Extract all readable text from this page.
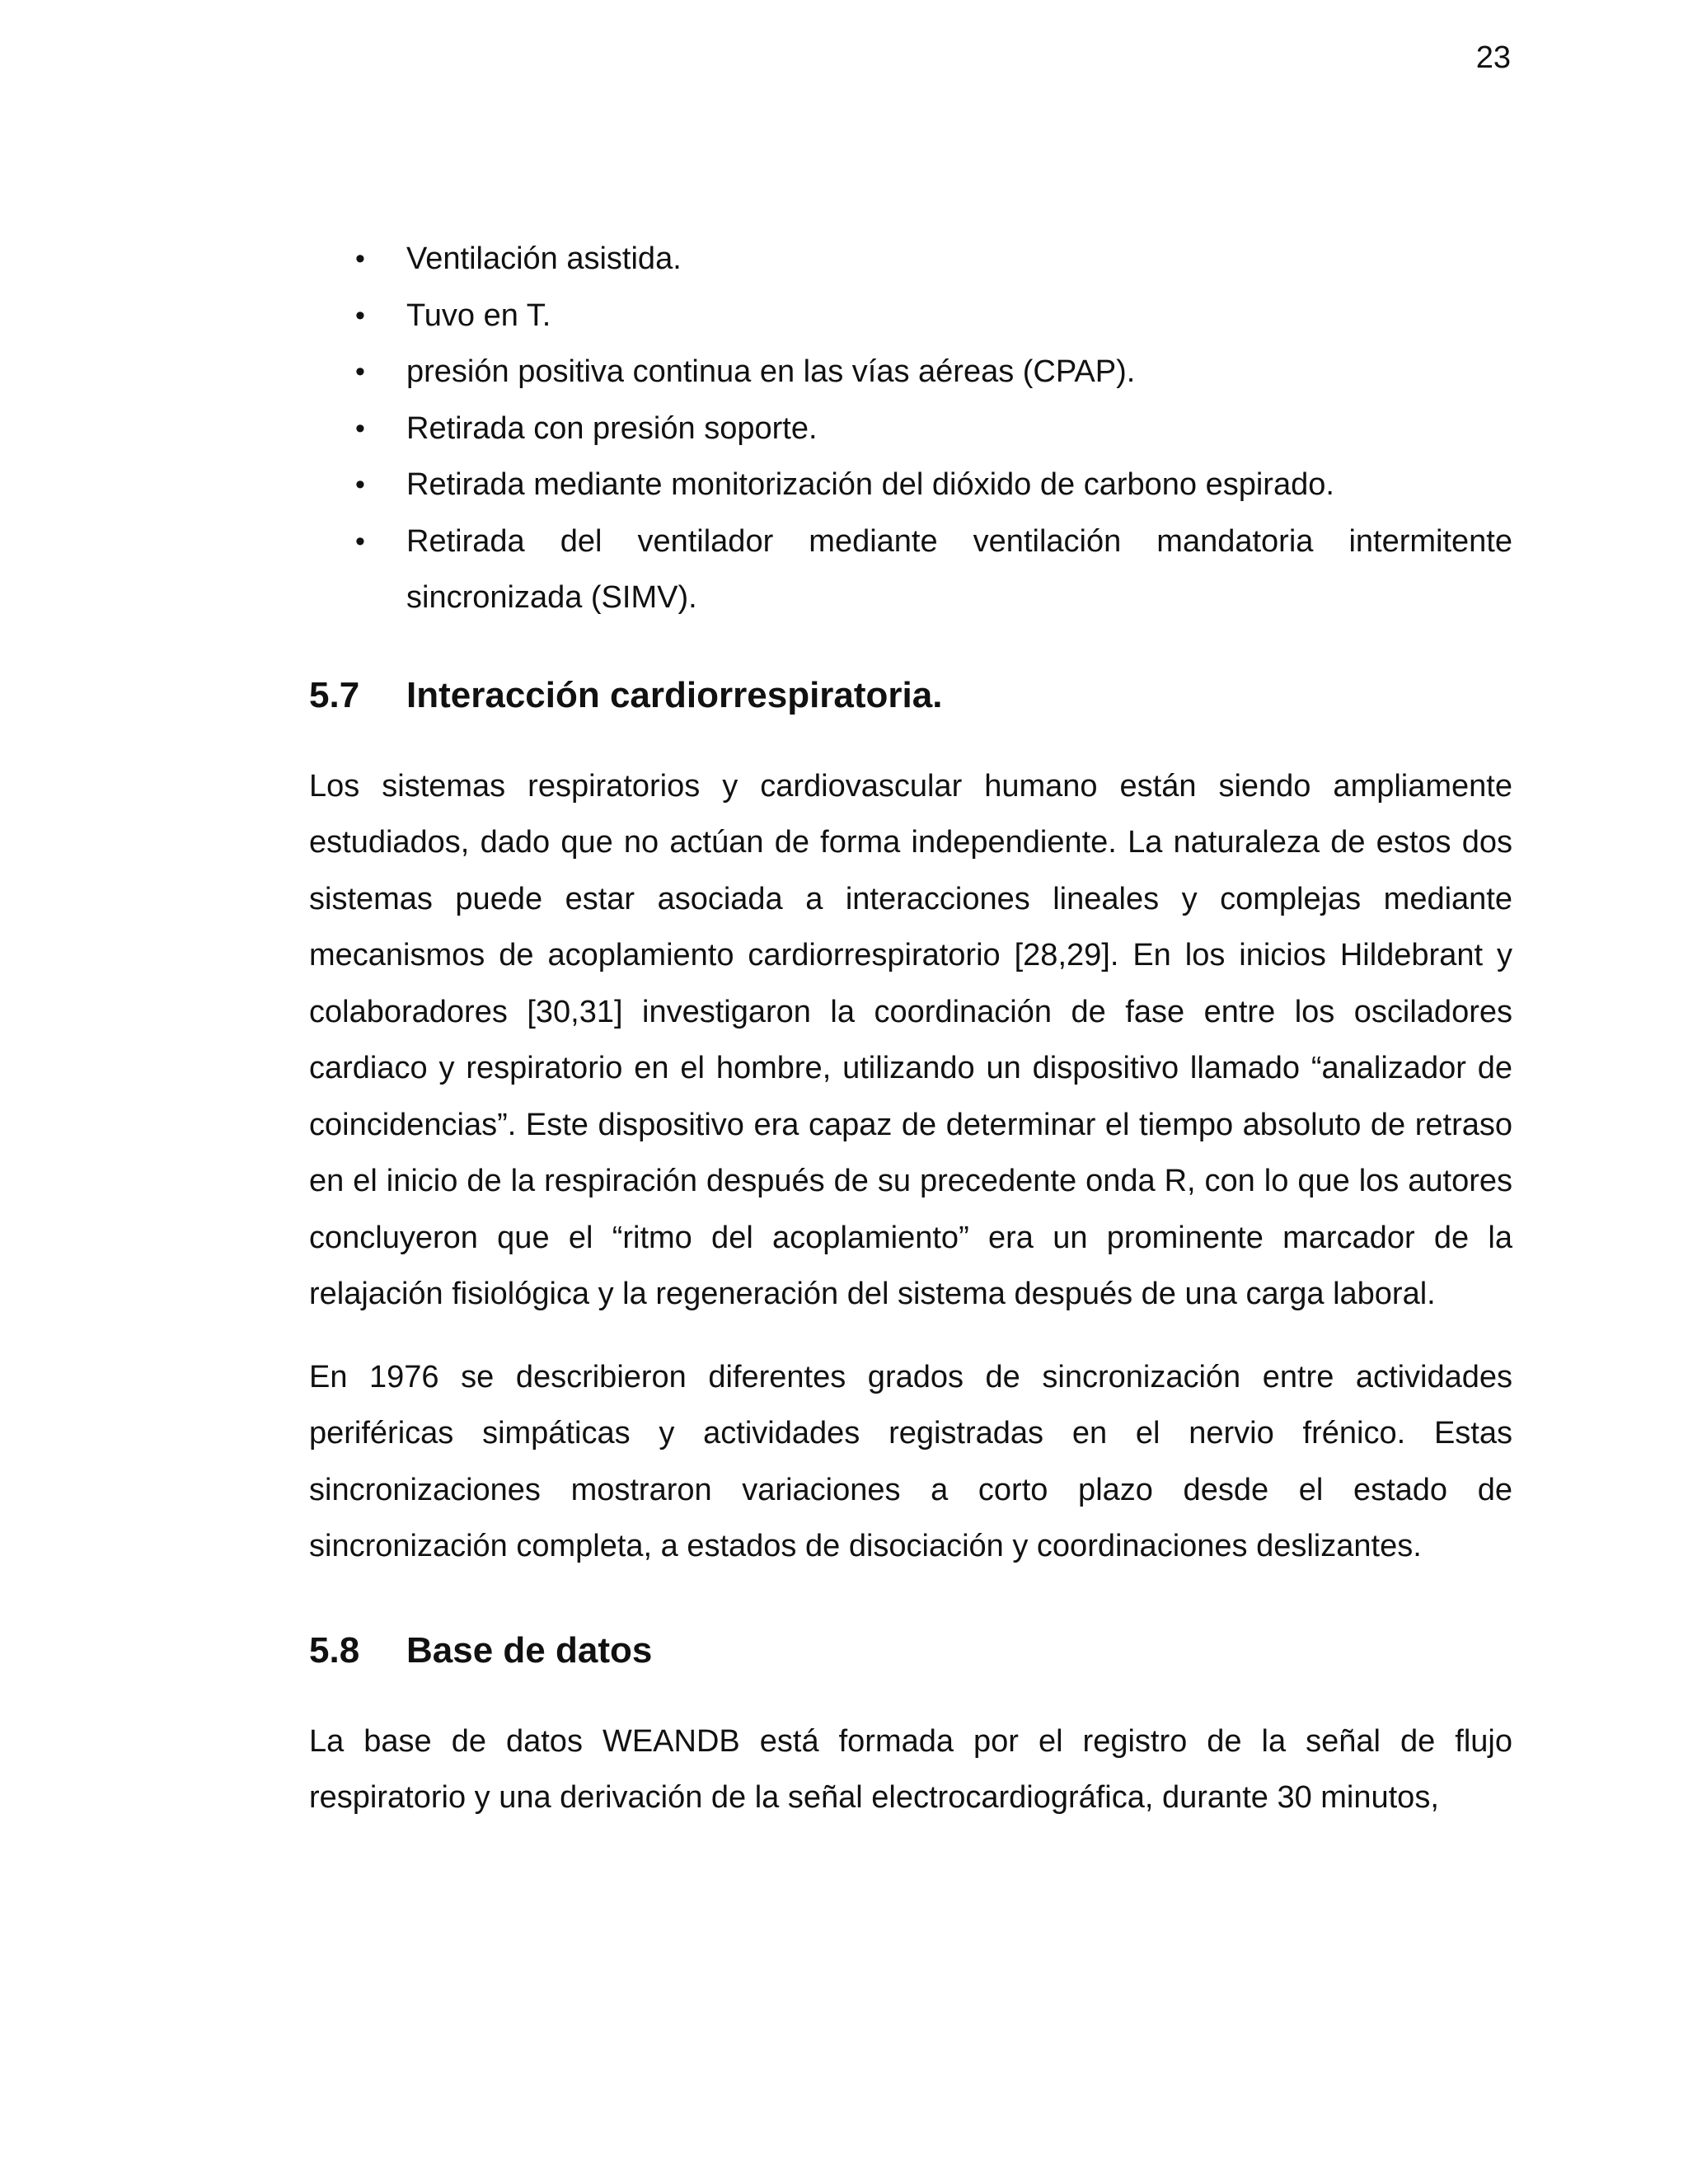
23
• Ventilación asistida.
• Tuvo en T.
• presión positiva continua en las vías aéreas (CPAP).
• Retirada con presión soporte.
• Retirada mediante monitorización del dióxido de carbono espirado.
• Retirada del ventilador mediante ventilación mandatoria intermitente sincronizada (SIMV).
5.7	Interacción cardiorrespiratoria.

Los sistemas respiratorios y cardiovascular humano están siendo ampliamente estudiados, dado que no actúan de forma independiente. La naturaleza de estos dos sistemas puede estar asociada a interacciones lineales y complejas mediante mecanismos de acoplamiento cardiorrespiratorio [28,29]. En los inicios Hildebrant y colaboradores [30,31] investigaron la coordinación de fase entre los osciladores cardiaco y respiratorio en el hombre, utilizando un dispositivo llamado “analizador de coincidencias”. Este dispositivo era capaz de determinar el tiempo absoluto de retraso en el inicio de la respiración después de su precedente onda R, con lo que los autores concluyeron que el “ritmo del acoplamiento” era un prominente marcador de la relajación fisiológica y la regeneración del sistema después de una carga laboral.

En 1976 se describieron diferentes grados de sincronización entre actividades periféricas simpáticas y actividades registradas en el nervio frénico. Estas sincronizaciones mostraron variaciones a corto plazo desde el estado de sincronización completa, a estados de disociación y coordinaciones deslizantes.

5.8	Base de datos

La base de datos WEANDB está formada por el registro de la señal de flujo respiratorio y una derivación de la señal electrocardiográfica, durante 30 minutos,
